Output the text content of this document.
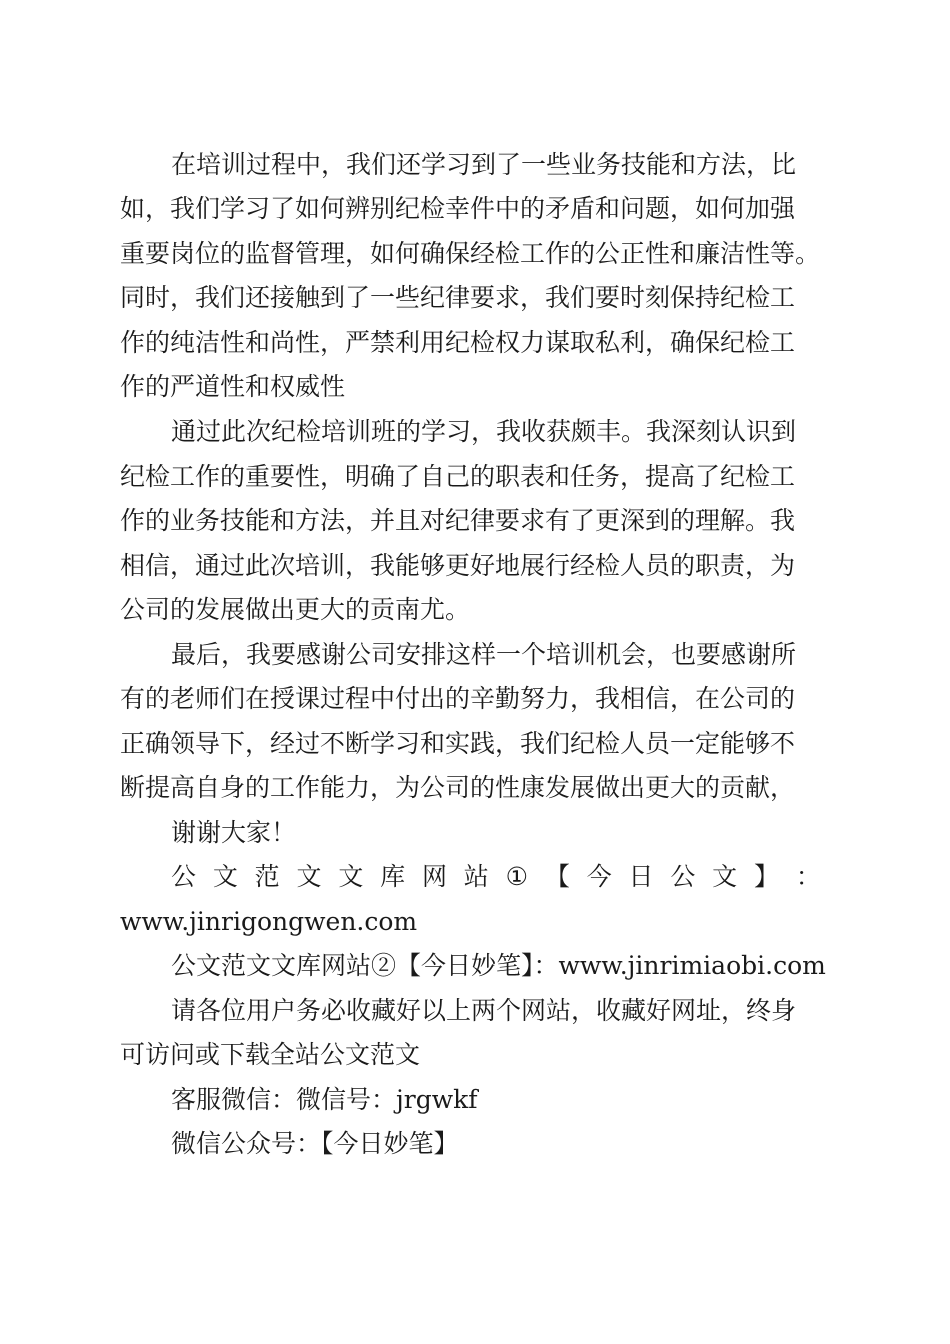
在培训过程中，我们还学习到了一些业务技能和方法，比
如，我们学习了如何辨别纪检幸件中的矛盾和问题，如何加强
重要岗位的监督管理，如何确保经检工作的公正性和廉洁性等。
同时，我们还接触到了一些纪律要求，我们要时刻保持纪检工
作的纯洁性和尚性，严禁利用纪检权力谋取私利，确保纪检工
作的严道性和权威性
通过此次纪检培训班的学习，我收获颇丰。我深刻认识到
纪检工作的重要性，明确了自己的职表和任务，提高了纪检工
作的业务技能和方法，并且对纪律要求有了更深到的理解。我
相信，通过此次培训，我能够更好地展行经检人员的职责，为
公司的发展做出更大的贡南尤。
最后，我要感谢公司安排这样一个培训机会，也要感谢所
有的老师们在授课过程中付出的辛勤努力，我相信，在公司的
正确领导下，经过不断学习和实践，我们纪检人员一定能够不
断提高自身的工作能力，为公司的性康发展做出更大的贡献，
谢谢大家！
公 文 范 文 文 库 网 站 ① 【 今 日 公 文 】 ：
www.jinrigongwen.com
公文范文文库网站②【今日妙笔】：www.jinrimiaobi.com
请各位用户务必收藏好以上两个网站，收藏好网址，终身
可访问或下载全站公文范文
客服微信：微信号：jrgwkf
微信公众号：【今日妙笔】
